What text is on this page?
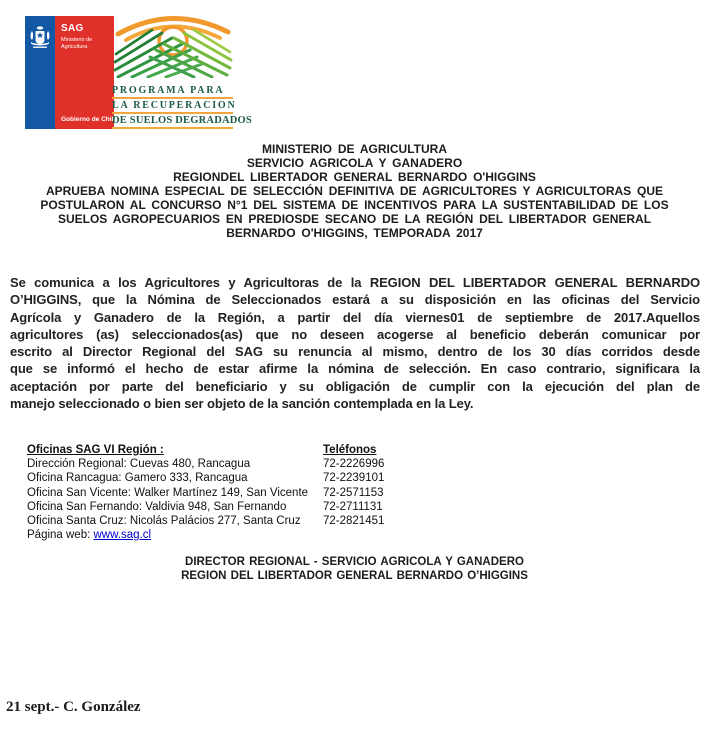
SAG
Ministerio de Agricultura
Gobierno de Chile
PROGRAMA PARA
LA RECUPERACION
DE SUELOS DEGRADADOS
MINISTERIO DE AGRICULTURA
SERVICIO AGRICOLA Y GANADERO
REGIONDEL LIBERTADOR GENERAL BERNARDO O'HIGGINS
APRUEBA NOMINA ESPECIAL DE SELECCIÓN DEFINITIVA DE AGRICULTORES Y AGRICULTORAS QUE
POSTULARON AL CONCURSO N°1 DEL SISTEMA DE INCENTIVOS PARA LA SUSTENTABILIDAD DE LOS
SUELOS AGROPECUARIOS EN PREDIOSDE SECANO DE LA REGIÓN DEL LIBERTADOR GENERAL
BERNARDO O'HIGGINS, TEMPORADA 2017
Se comunica a los Agricultores y Agricultoras de la REGION DEL LIBERTADOR GENERAL BERNARDO
O’HIGGINS, que la Nómina de Seleccionados estará a su disposición en las oficinas del Servicio
Agrícola y Ganadero de la Región, a partir del día viernes01 de septiembre de 2017.Aquellos
agricultores (as) seleccionados(as) que no deseen acogerse al beneficio deberán comunicar por
escrito al Director Regional del SAG su renuncia al mismo, dentro de los 30 días corridos desde
que se informó el hecho de estar afirme la nómina de selección. En caso contrario, significara la
aceptación por parte del beneficiario y su obligación de cumplir con la ejecución del plan de
manejo seleccionado o bien ser objeto de la sanción contemplada en la Ley.
Oficinas SAG VI Región :	Teléfonos
Dirección Regional: Cuevas 480, Rancagua	72-2226996
Oficina Rancagua: Gamero 333, Rancagua	72-2239101
Oficina San Vicente: Walker Martínez 149, San Vicente	72-2571153
Oficina San Fernando: Valdivia 948, San Fernando	72-2711131
Oficina Santa Cruz: Nicolás Palácios 277, Santa Cruz	72-2821451
Página web: www.sag.cl
DIRECTOR REGIONAL - SERVICIO AGRICOLA Y GANADERO
REGION DEL LIBERTADOR GENERAL BERNARDO O’HIGGINS
21 sept.- C. González
